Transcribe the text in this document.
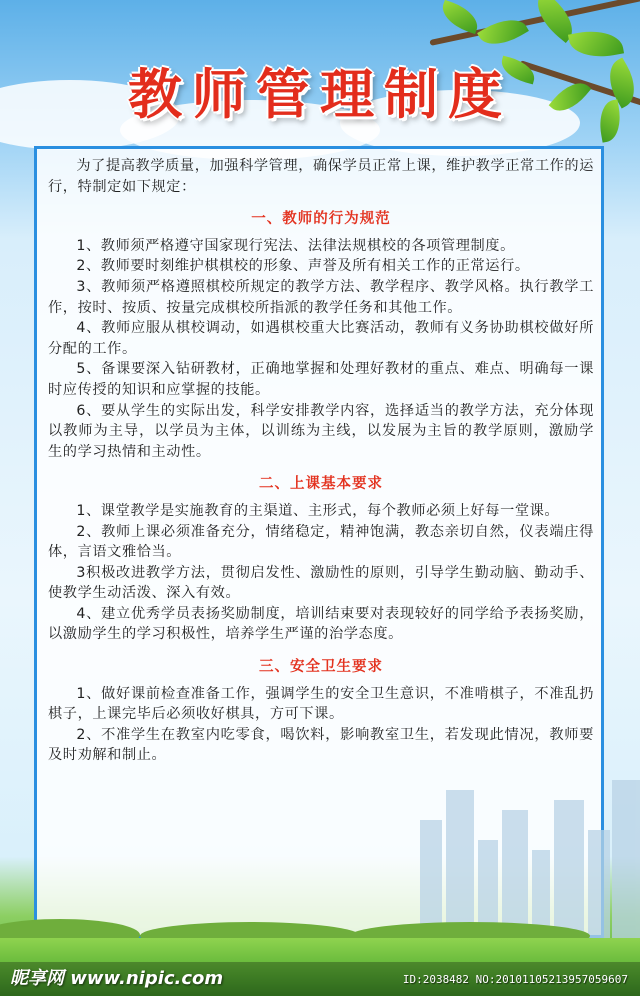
教师管理制度

为了提高教学质量，加强科学管理，确保学员正常上课，维护教学正常工作的运行，特制定如下规定：

一、教师的行为规范

1、教师须严格遵守国家现行宪法、法律法规棋校的各项管理制度。

2、教师要时刻维护棋棋校的形象、声誉及所有相关工作的正常运行。

3、教师须严格遵照棋校所规定的教学方法、教学程序、教学风格。执行教学工作，按时、按质、按量完成棋校所指派的教学任务和其他工作。

4、教师应服从棋校调动，如遇棋校重大比赛活动，教师有义务协助棋校做好所分配的工作。

5、备课要深入钻研教材，正确地掌握和处理好教材的重点、难点、明确每一课时应传授的知识和应掌握的技能。

6、要从学生的实际出发，科学安排教学内容，选择适当的教学方法，充分体现以教师为主导，以学员为主体，以训练为主线，以发展为主旨的教学原则，激励学生的学习热情和主动性。

二、上课基本要求

1、课堂教学是实施教育的主渠道、主形式，每个教师必须上好每一堂课。

2、教师上课必须准备充分，情绪稳定，精神饱满，教态亲切自然，仪表端庄得体，言语文雅恰当。

3积极改进教学方法，贯彻启发性、激励性的原则，引导学生勤动脑、勤动手、使教学生动活泼、深入有效。

4、建立优秀学员表扬奖励制度，培训结束要对表现较好的同学给予表扬奖励，以激励学生的学习积极性，培养学生严谨的治学态度。

三、安全卫生要求

1、做好课前检查准备工作，强调学生的安全卫生意识，不准啃棋子，不准乱扔棋子，上课完毕后必须收好棋具，方可下课。

2、不准学生在教室内吃零食，喝饮料，影响教室卫生，若发现此情况，教师要及时劝解和制止。

昵享网 www.nipic.com	ID:2038482 NO:20101105213957059607
